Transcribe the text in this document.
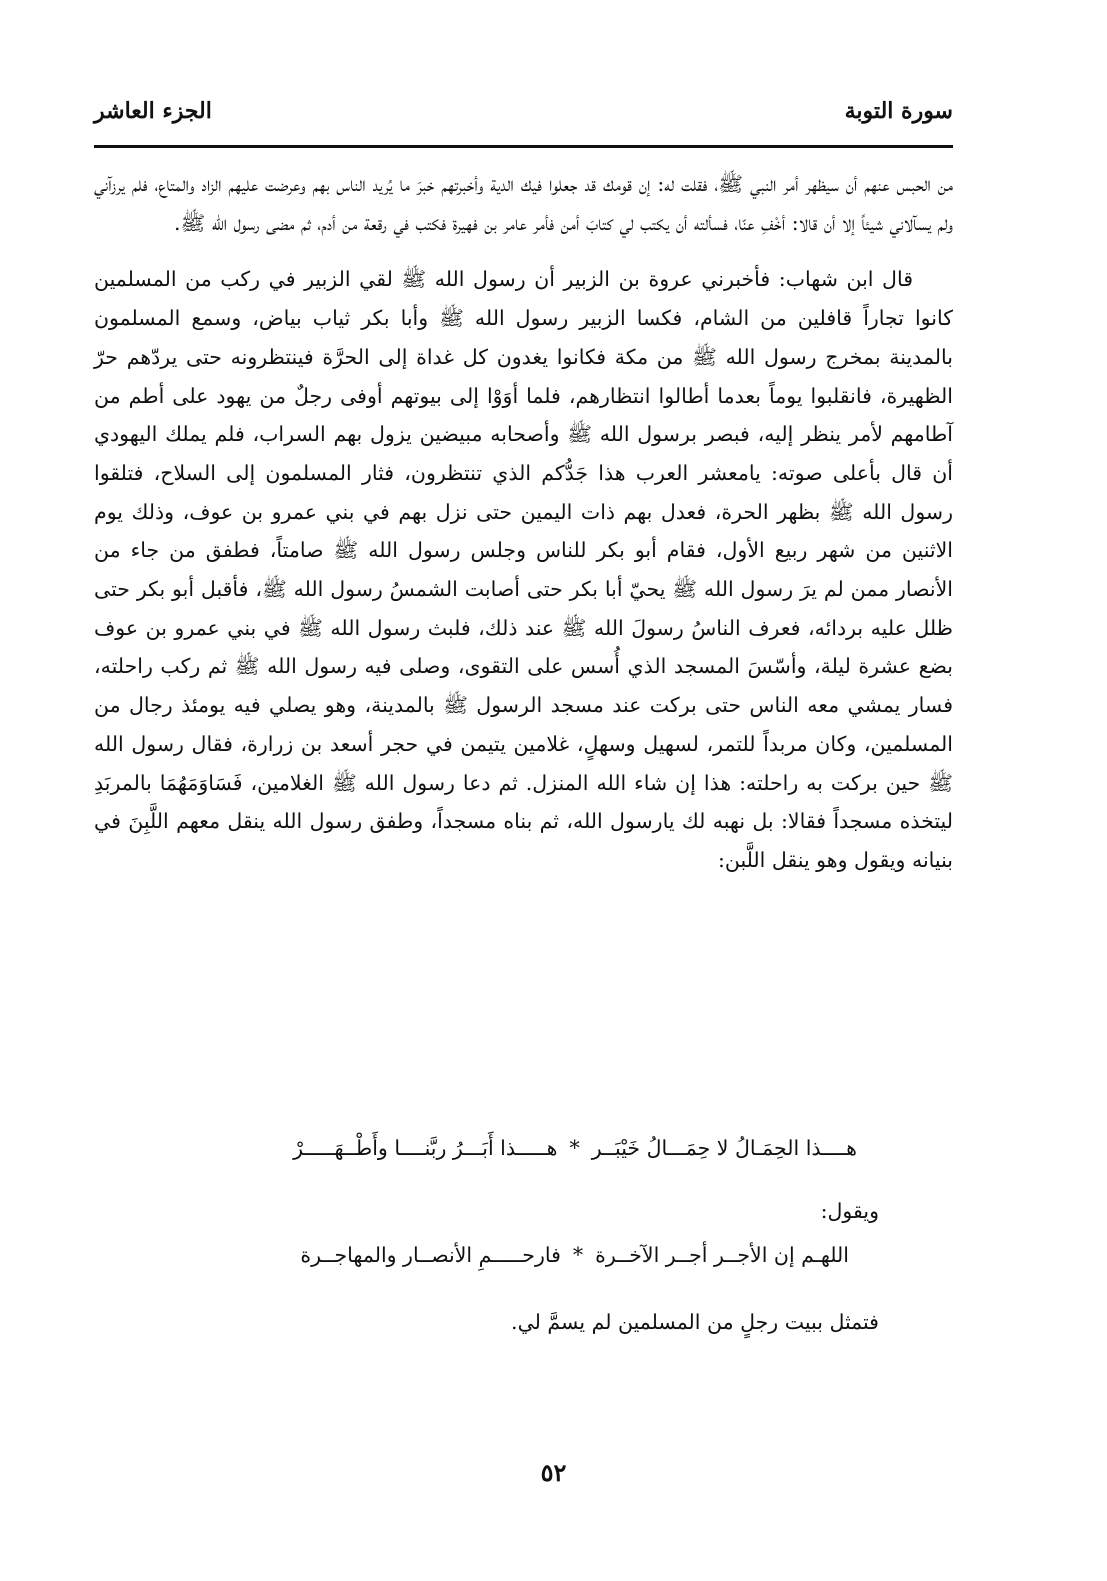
سورة التوبة
الجزء العاشر

من الحبس عنهم أن سيظهر أمر النبي ﷺ، فقلت له: إن قومك قد جعلوا فيك الدية وأخبرتهم خبرَ ما يُريد الناس بهم وعرضت عليهم الزاد والمتاع، فلم يرزآني ولم يسآلاني شيئاً إلا أن قالا: أخْفِ عنّا، فسألته أن يكتب لي كتابَ أمن فأمر عامر بن فهيرة فكتب في رقعة من أدم، ثم مضى رسول الله ﷺ.

قال ابن شهاب: فأخبرني عروة بن الزبير أن رسول الله ﷺ لقي الزبير في ركب من المسلمين كانوا تجاراً قافلين من الشام، فكسا الزبير رسول الله ﷺ وأبا بكر ثياب بياض، وسمع المسلمون بالمدينة بمخرج رسول الله ﷺ من مكة فكانوا يغدون كل غداة إلى الحرَّة فينتظرونه حتى يردّهم حرّ الظهيرة، فانقلبوا يوماً بعدما أطالوا انتظارهم، فلما أوَوْا إلى بيوتهم أوفى رجلٌ من يهود على أطم من آطامهم لأمر ينظر إليه، فبصر برسول الله ﷺ وأصحابه مبيضين يزول بهم السراب، فلم يملك اليهودي أن قال بأعلى صوته: يامعشر العرب هذا جَدُّكم الذي تنتظرون، فثار المسلمون إلى السلاح، فتلقوا رسول الله ﷺ بظهر الحرة، فعدل بهم ذات اليمين حتى نزل بهم في بني عمرو بن عوف، وذلك يوم الاثنين من شهر ربيع الأول، فقام أبو بكر للناس وجلس رسول الله ﷺ صامتاً، فطفق من جاء من الأنصار ممن لم يرَ رسول الله ﷺ يحيّ أبا بكر حتى أصابت الشمسُ رسول الله ﷺ، فأقبل أبو بكر حتى ظلل عليه بردائه، فعرف الناسُ رسولَ الله ﷺ عند ذلك، فلبث رسول الله ﷺ في بني عمرو بن عوف بضع عشرة ليلة، وأسّسَ المسجد الذي أُسس على التقوى، وصلى فيه رسول الله ﷺ ثم ركب راحلته، فسار يمشي معه الناس حتى بركت عند مسجد الرسول ﷺ بالمدينة، وهو يصلي فيه يومئذ رجال من المسلمين، وكان مربداً للتمر، لسهيل وسهلٍ، غلامين يتيمن في حجر أسعد بن زرارة، فقال رسول الله ﷺ حين بركت به راحلته: هذا إن شاء الله المنزل. ثم دعا رسول الله ﷺ الغلامين، فَسَاوَمَهُمَا بالمربَدِ ليتخذه مسجداً فقالا: بل نهبه لك يارسول الله، ثم بناه مسجداً، وطفق رسول الله ينقل معهم اللَّبِنَ في بنيانه ويقول وهو ينقل اللَّبن:

هــــذا الحِمَـالُ لا حِمَـــالُ خَيْبَــر*هـــــذا أَبَـــرُ ربَّنــــا وأَطْــهَـــــرْ
ويقول:
اللهـم إن الأجــر أجــر الآخــرة*فارحـــــمِ الأنصــار والمهاجــرة
فتمثل ببيت رجلٍ من المسلمين لم يسمَّ لي.
٥٢
